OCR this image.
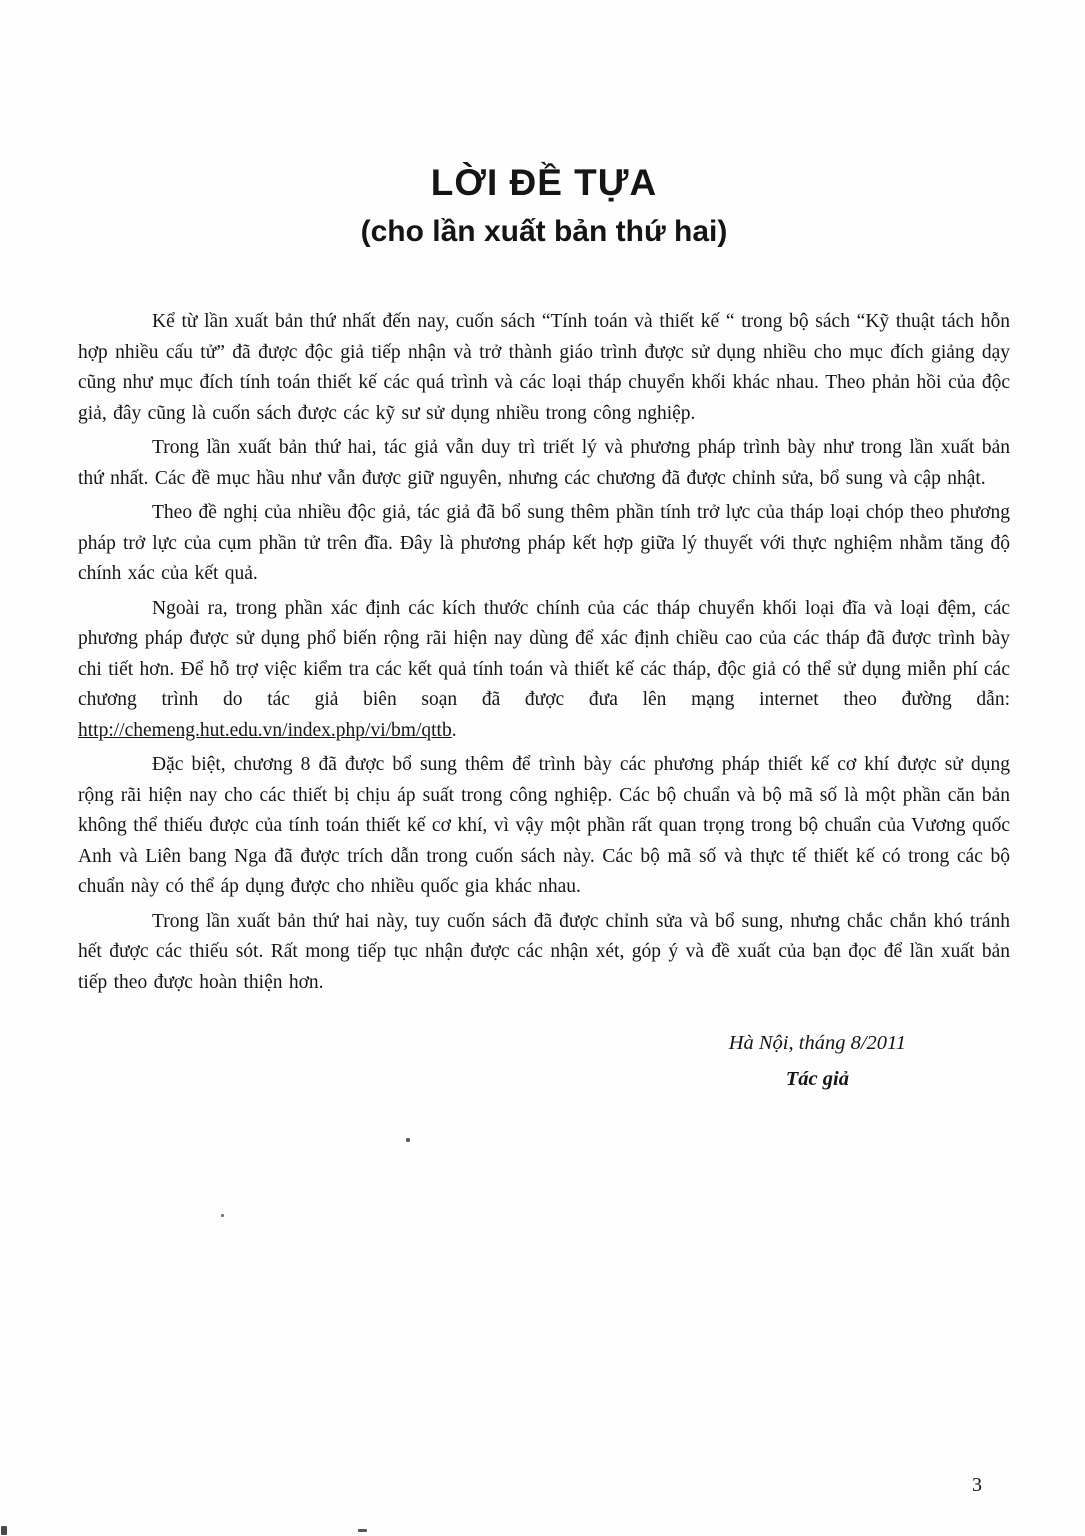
LỜI ĐỀ TỰA
(cho lần xuất bản thứ hai)

Kể từ lần xuất bản thứ nhất đến nay, cuốn sách “Tính toán và thiết kế “ trong bộ sách “Kỹ thuật tách hỗn hợp nhiều cấu tử” đã được độc giả tiếp nhận và trở thành giáo trình được sử dụng nhiều cho mục đích giảng dạy cũng như mục đích tính toán thiết kế các quá trình và các loại tháp chuyển khối khác nhau. Theo phản hồi của độc giả, đây cũng là cuốn sách được các kỹ sư sử dụng nhiều trong công nghiệp.

Trong lần xuất bản thứ hai, tác giả vẫn duy trì triết lý và phương pháp trình bày như trong lần xuất bản thứ nhất. Các đề mục hầu như vẫn được giữ nguyên, nhưng các chương đã được chỉnh sửa, bổ sung và cập nhật.

Theo đề nghị của nhiều độc giả, tác giả đã bổ sung thêm phần tính trở lực của tháp loại chóp theo phương pháp trở lực của cụm phần tử trên đĩa. Đây là phương pháp kết hợp giữa lý thuyết với thực nghiệm nhằm tăng độ chính xác của kết quả.

Ngoài ra, trong phần xác định các kích thước chính của các tháp chuyển khối loại đĩa và loại đệm, các phương pháp được sử dụng phổ biến rộng rãi hiện nay dùng để xác định chiều cao của các tháp đã được trình bày chi tiết hơn. Để hỗ trợ việc kiểm tra các kết quả tính toán và thiết kế các tháp, độc giả có thể sử dụng miễn phí các chương trình do tác giả biên soạn đã được đưa lên mạng internet theo đường dẫn: http://chemeng.hut.edu.vn/index.php/vi/bm/qttb.

Đặc biệt, chương 8 đã được bổ sung thêm để trình bày các phương pháp thiết kế cơ khí được sử dụng rộng rãi hiện nay cho các thiết bị chịu áp suất trong công nghiệp. Các bộ chuẩn và bộ mã số là một phần căn bản không thể thiếu được của tính toán thiết kế cơ khí, vì vậy một phần rất quan trọng trong bộ chuẩn của Vương quốc Anh và Liên bang Nga đã được trích dẫn trong cuốn sách này. Các bộ mã số và thực tế thiết kế có trong các bộ chuẩn này có thể áp dụng được cho nhiều quốc gia khác nhau.

Trong lần xuất bản thứ hai này, tuy cuốn sách đã được chỉnh sửa và bổ sung, nhưng chắc chắn khó tránh hết được các thiếu sót. Rất mong tiếp tục nhận được các nhận xét, góp ý và đề xuất của bạn đọc để lần xuất bản tiếp theo được hoàn thiện hơn.

Hà Nội, tháng 8/2011
Tác giả
3
